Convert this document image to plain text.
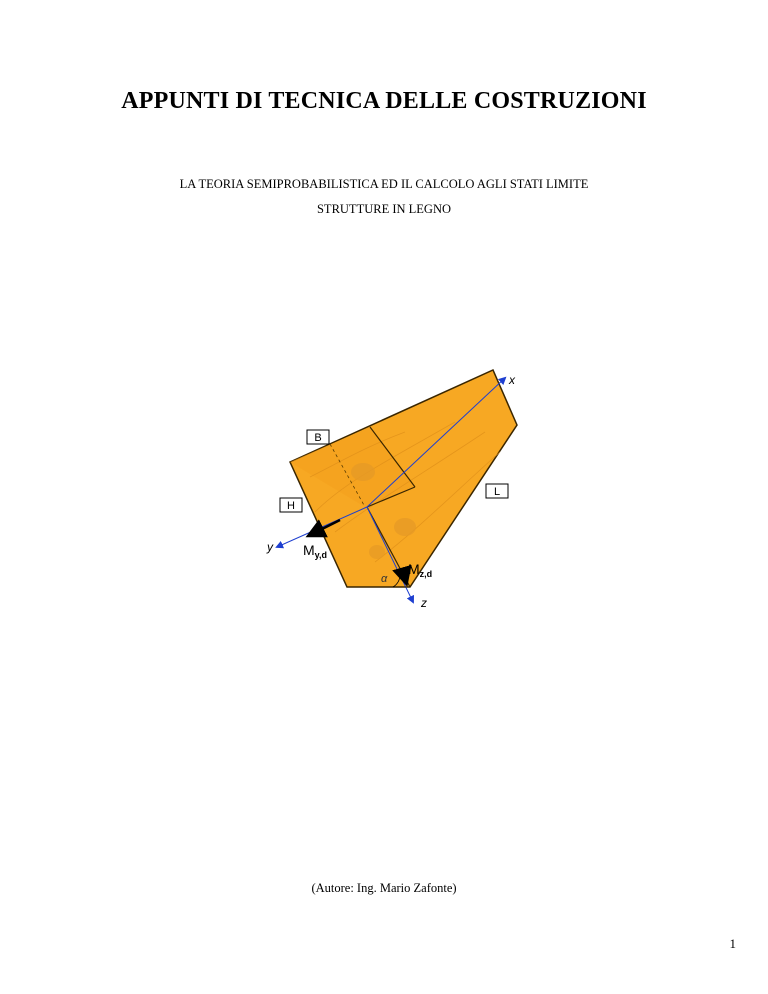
APPUNTI DI TECNICA DELLE COSTRUZIONI
LA TEORIA SEMIPROBABILISTICA ED IL CALCOLO AGLI STATI LIMITE
STRUTTURE IN LEGNO
x
y
z
$M_{y,d}$
$M_{z,d}$
α
B
H
L
(Autore: Ing. Mario Zafonte)
1
